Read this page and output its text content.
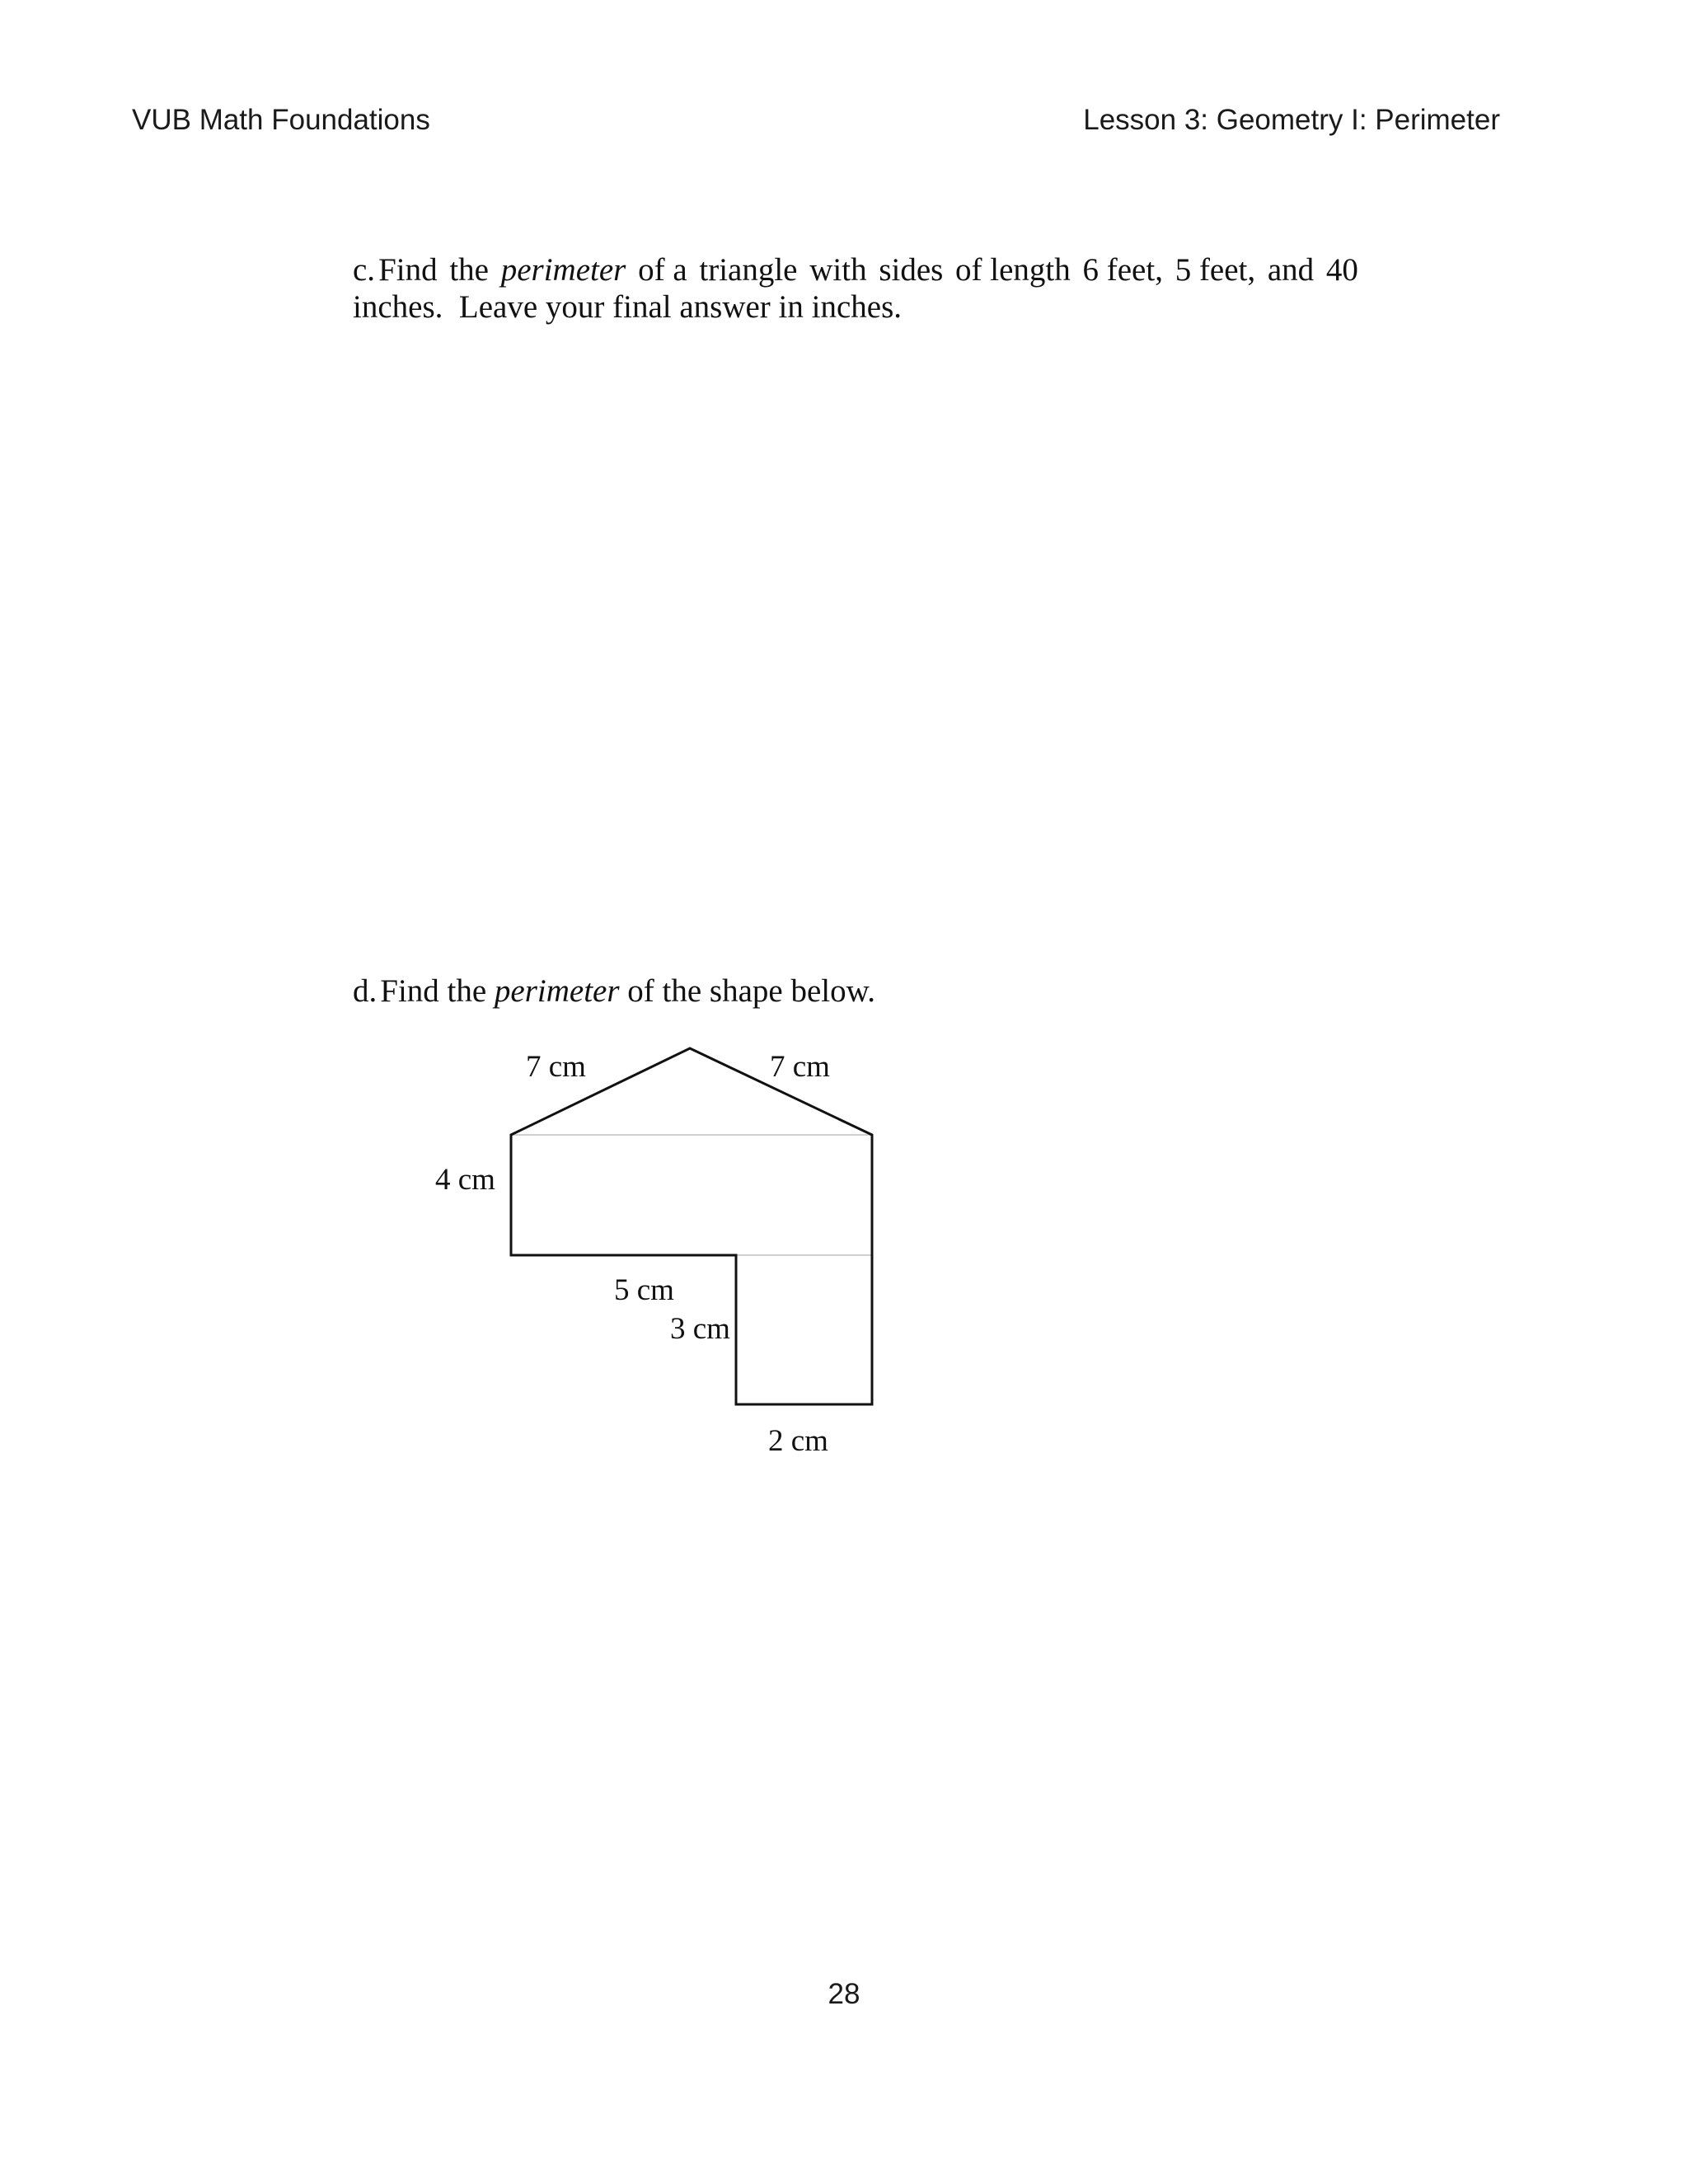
VUB Math Foundations	Lesson 3: Geometry I: Perimeter
c. Find the perimeter of a triangle with sides of length 6 feet, 5 feet, and 40
inches.  Leave your final answer in inches.
d. Find the perimeter of the shape below.
7 cm	7 cm
4 cm
5 cm
3 cm
2 cm
28
